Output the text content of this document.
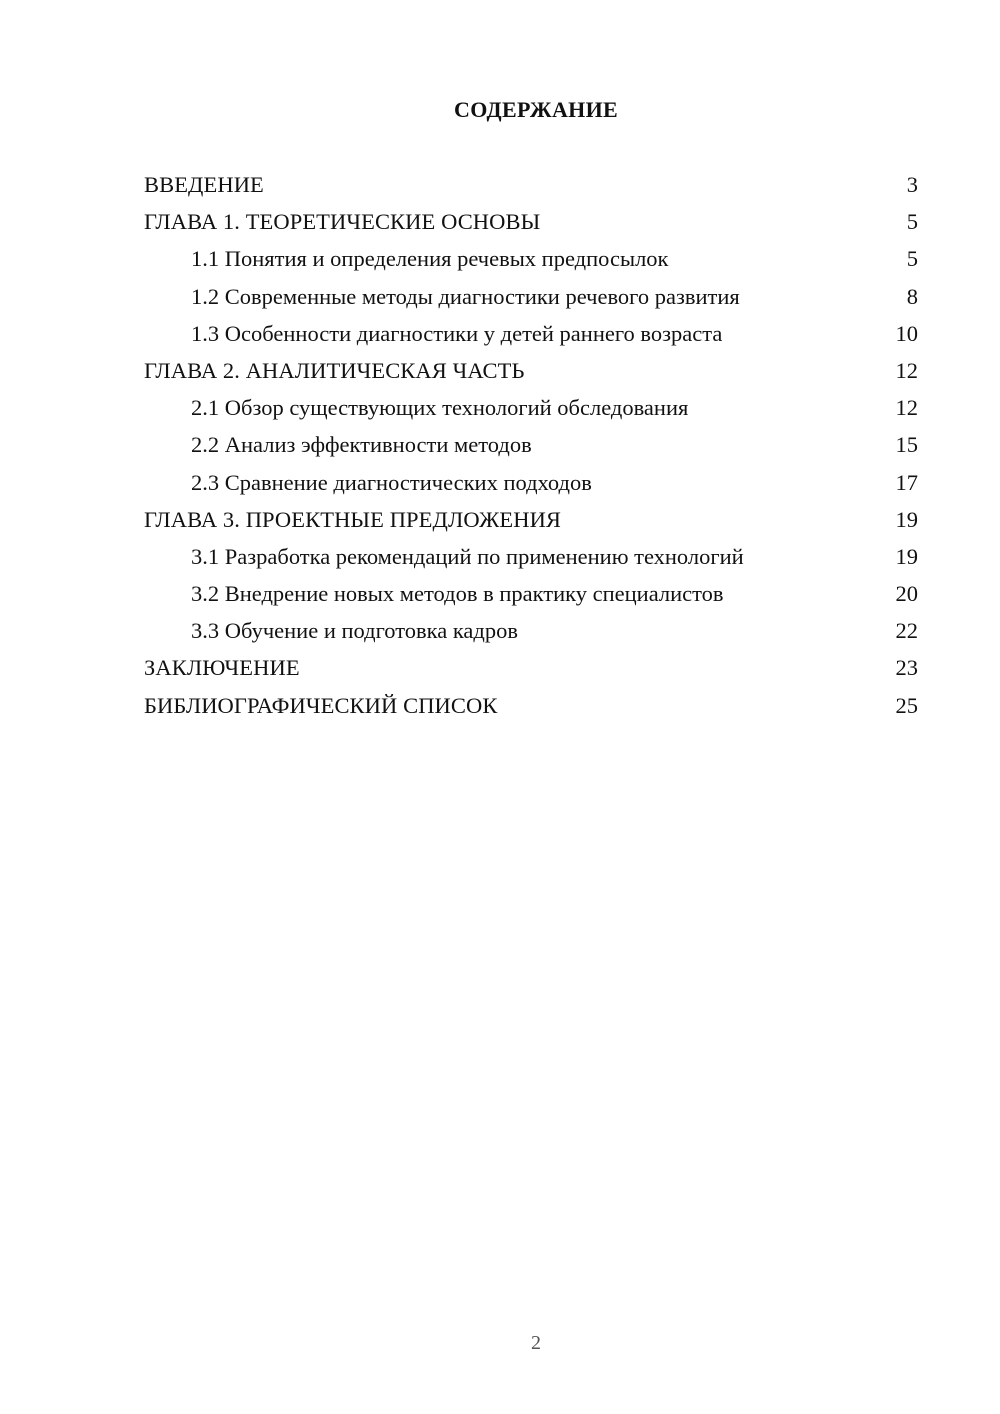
СОДЕРЖАНИЕ
ВВЕДЕНИЕ	3
ГЛАВА 1. ТЕОРЕТИЧЕСКИЕ ОСНОВЫ	5
1.1 Понятия и определения речевых предпосылок	5
1.2 Современные методы диагностики речевого развития	8
1.3 Особенности диагностики у детей раннего возраста	10
ГЛАВА 2. АНАЛИТИЧЕСКАЯ ЧАСТЬ	12
2.1 Обзор существующих технологий обследования	12
2.2 Анализ эффективности методов	15
2.3 Сравнение диагностических подходов	17
ГЛАВА 3. ПРОЕКТНЫЕ ПРЕДЛОЖЕНИЯ	19
3.1 Разработка рекомендаций по применению технологий	19
3.2 Внедрение новых методов в практику специалистов	20
3.3 Обучение и подготовка кадров	22
ЗАКЛЮЧЕНИЕ	23
БИБЛИОГРАФИЧЕСКИЙ СПИСОК	25
2
